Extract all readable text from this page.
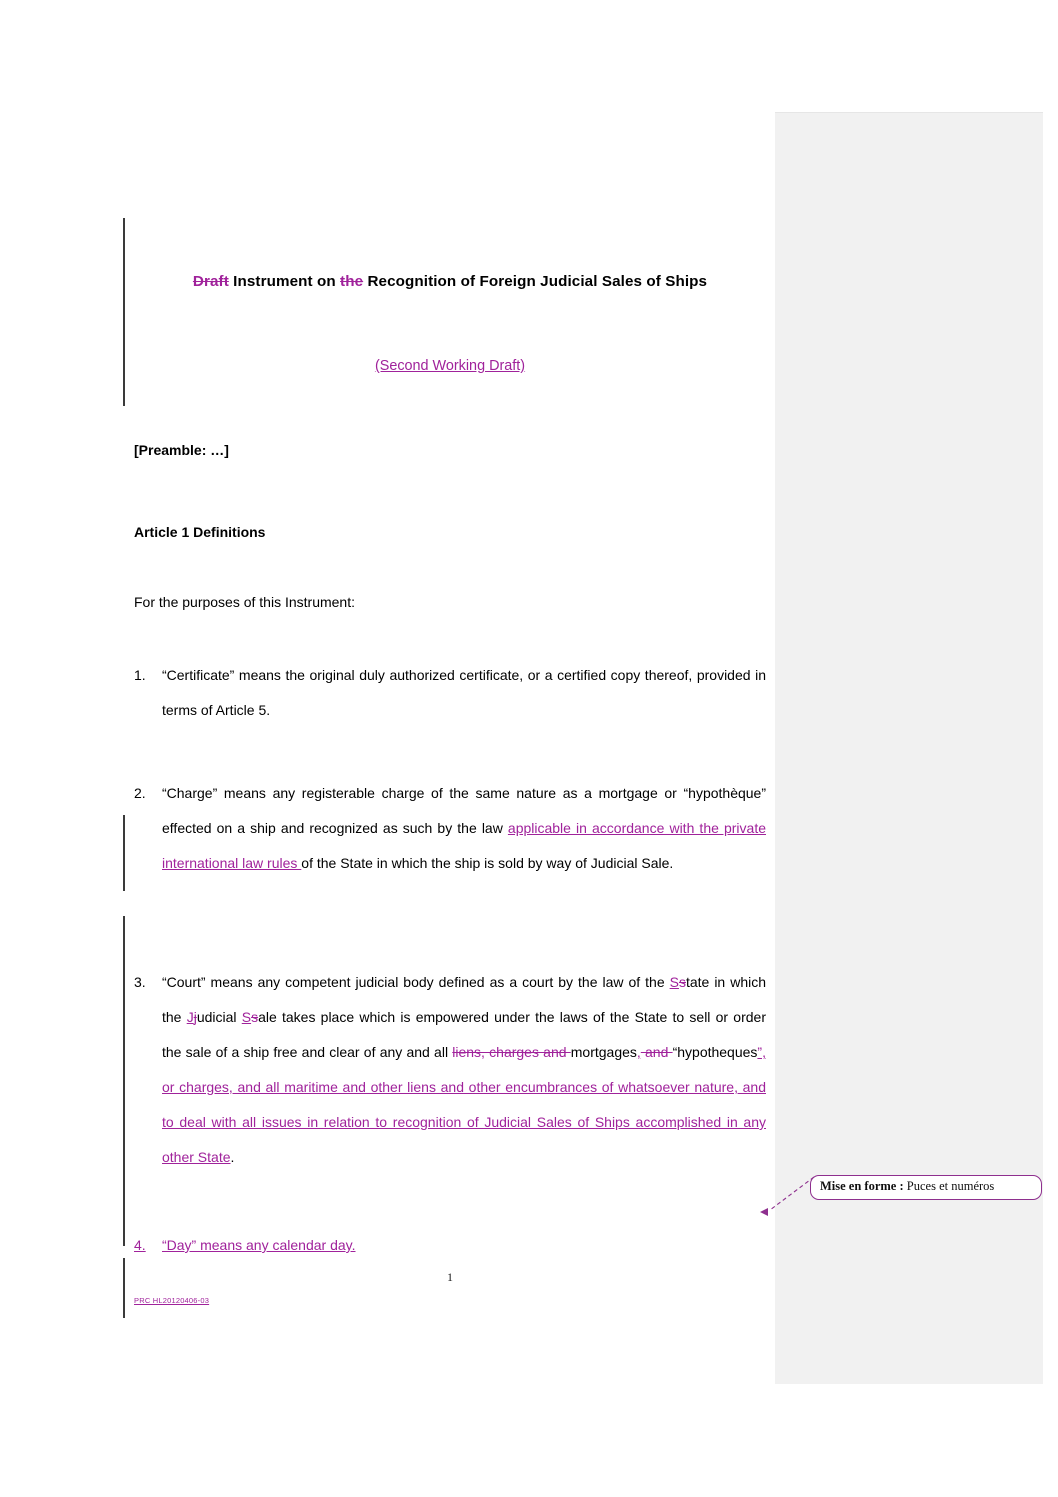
Draft Instrument on the Recognition of Foreign Judicial Sales of Ships
(Second Working Draft)
[Preamble: …]
Article 1 Definitions
For the purposes of this Instrument:
1.	“Certificate” means the original duly authorized certificate, or a certified copy thereof, provided in terms of Article 5.
2.	“Charge” means any registerable charge of the same nature as a mortgage or “hypothèque” effected on a ship and recognized as such by the law applicable in accordance with the private international law rules of the State in which the ship is sold by way of Judicial Sale.
3.	“Court” means any competent judicial body defined as a court by the law of the Sstate in which the Jjudicial Ssale takes place which is empowered under the laws of the State to sell or order the sale of a ship free and clear of any and all liens, charges and mortgages, and “hypotheques”, or charges, and all maritime and other liens and other encumbrances of whatsoever nature, and to deal with all issues in relation to recognition of Judicial Sales of Ships accomplished in any other State.
4.	“Day” means any calendar day.
1
PRC HL20120406-03
Mise en forme : Puces et numéros
